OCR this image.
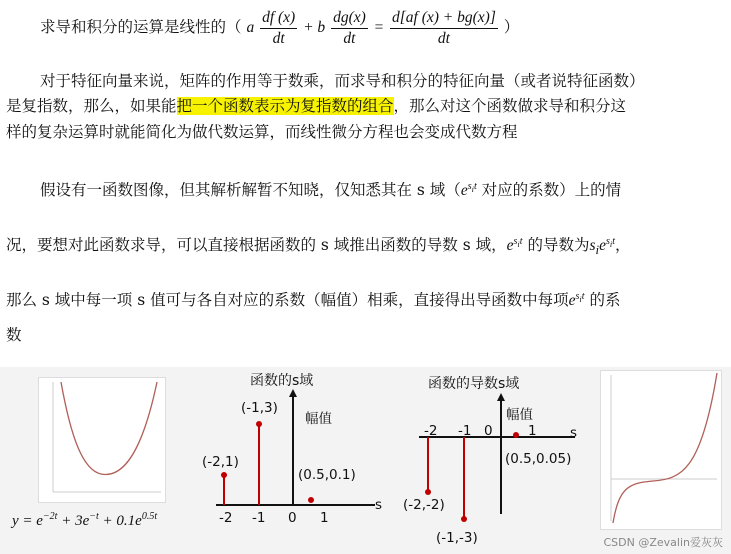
求导和积分的运算是线性的（ a $\frac{df (x)}{dt} + b \frac{dg(x)}{dt} = \frac{d[af (x) + bg(x)]}{dt}$ ）
对于特征向量来说，矩阵的作用等于数乘，而求导和积分的特征向量（或者说特征函数）
是复指数，那么，如果能把一个函数表示为复指数的组合，那么对这个函数做求导和积分这
样的复杂运算时就能简化为做代数运算，而线性微分方程也会变成代数方程
假设有一函数图像，但其解析解暂不知晓，仅知悉其在 s 域（$e^{s_it}$ 对应的系数）上的情
况，要想对此函数求导，可以直接根据函数的 s 域推出函数的导数 s 域，$e^{s_it}$ 的导数为$s_ie^{s_it}$，
那么 s 域中每一项 s 值可与各自对应的系数（幅值）相乘，直接得出导函数中每项$e^{s_it}$ 的系
数
$y = e^{-2t} + 3e^{-t} + 0.1e^{0.5t}$
函数的s域
(-1,3)
幅值
(-2,1)
(0.5,0.1)
s
-2 -1 0 1
函数的导数s域
幅值
-2 -1 0	1 s
(0.5,0.05)
(-2,-2)
(-1,-3)	CSDN @Zevalin爱灰灰
